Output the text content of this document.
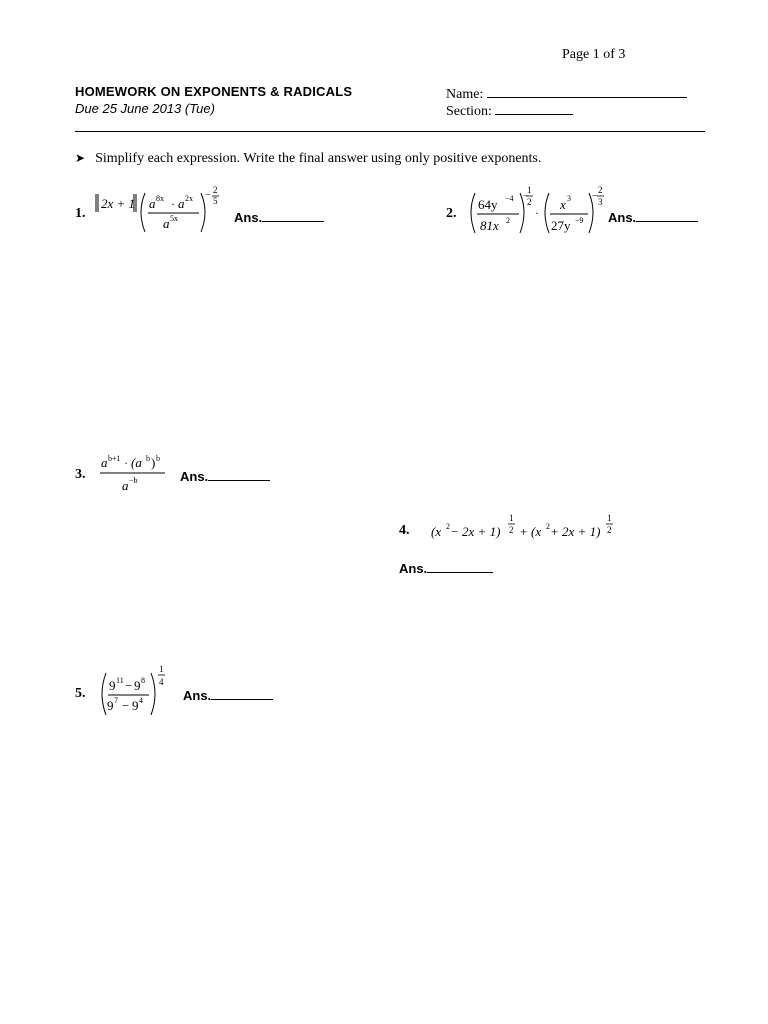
Page 1 of 3
HOMEWORK ON EXPONENTS & RADICALS
Due 25 June 2013 (Tue)
Name:
Section:
➤ Simplify each expression. Write the final answer using only positive exponents.
1.
2x + 1 a 8x · a 2x
a 5x
− 2
5
Ans.	2.
64y −4
81x 2
−
1
2
·
x 3
27y −9
−
2
3
Ans.
3.
a b+1 · (a b ) b
a −b	Ans.
4. (x 2 − 2x + 1)
1
2 + (x 2 + 2x + 1)
1
2
Ans.
5.
9 11 − 9 8
9 7 − 9 4
1
4
Ans.
